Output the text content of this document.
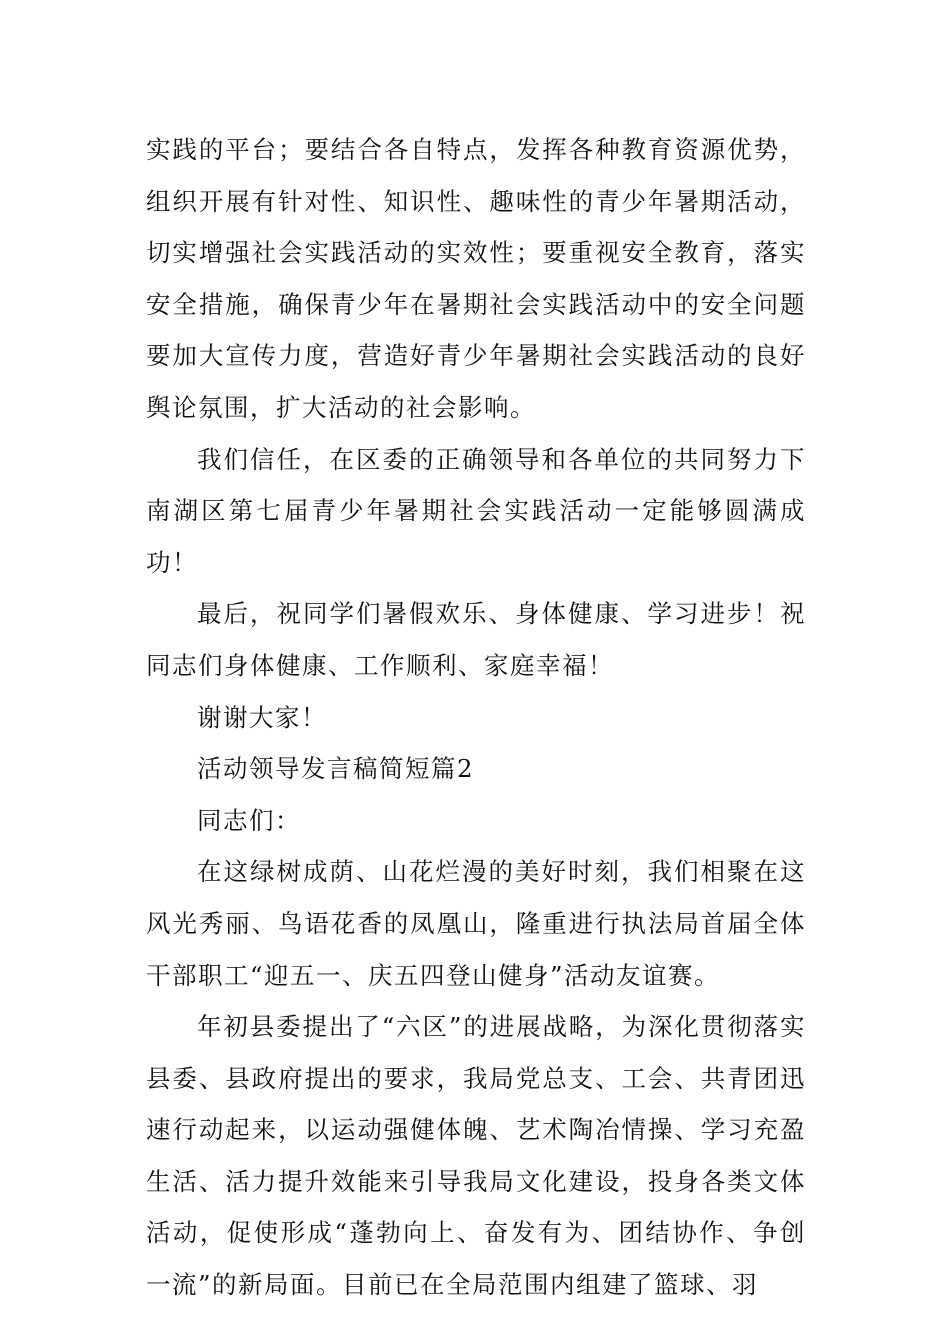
实践的平台；要结合各自特点，发挥各种教育资源优势，组织开展有针对性、知识性、趣味性的青少年暑期活动，切实增强社会实践活动的实效性；要重视安全教育，落实安全措施，确保青少年在暑期社会实践活动中的安全问题要加大宣传力度，营造好青少年暑期社会实践活动的良好舆论氛围，扩大活动的社会影响。

我们信任，在区委的正确领导和各单位的共同努力下南湖区第七届青少年暑期社会实践活动一定能够圆满成功！

最后，祝同学们暑假欢乐、身体健康、学习进步！祝同志们身体健康、工作顺利、家庭幸福！

谢谢大家！

活动领导发言稿简短篇2

同志们：

在这绿树成荫、山花烂漫的美好时刻，我们相聚在这风光秀丽、鸟语花香的凤凰山，隆重进行执法局首届全体干部职工“迎五一、庆五四登山健身”活动友谊赛。

年初县委提出了“六区”的进展战略，为深化贯彻落实县委、县政府提出的要求，我局党总支、工会、共青团迅速行动起来，以运动强健体魄、艺术陶冶情操、学习充盈生活、活力提升效能来引导我局文化建设，投身各类文体活动，促使形成“蓬勃向上、奋发有为、团结协作、争创一流”的新局面。目前已在全局范围内组建了篮球、羽
